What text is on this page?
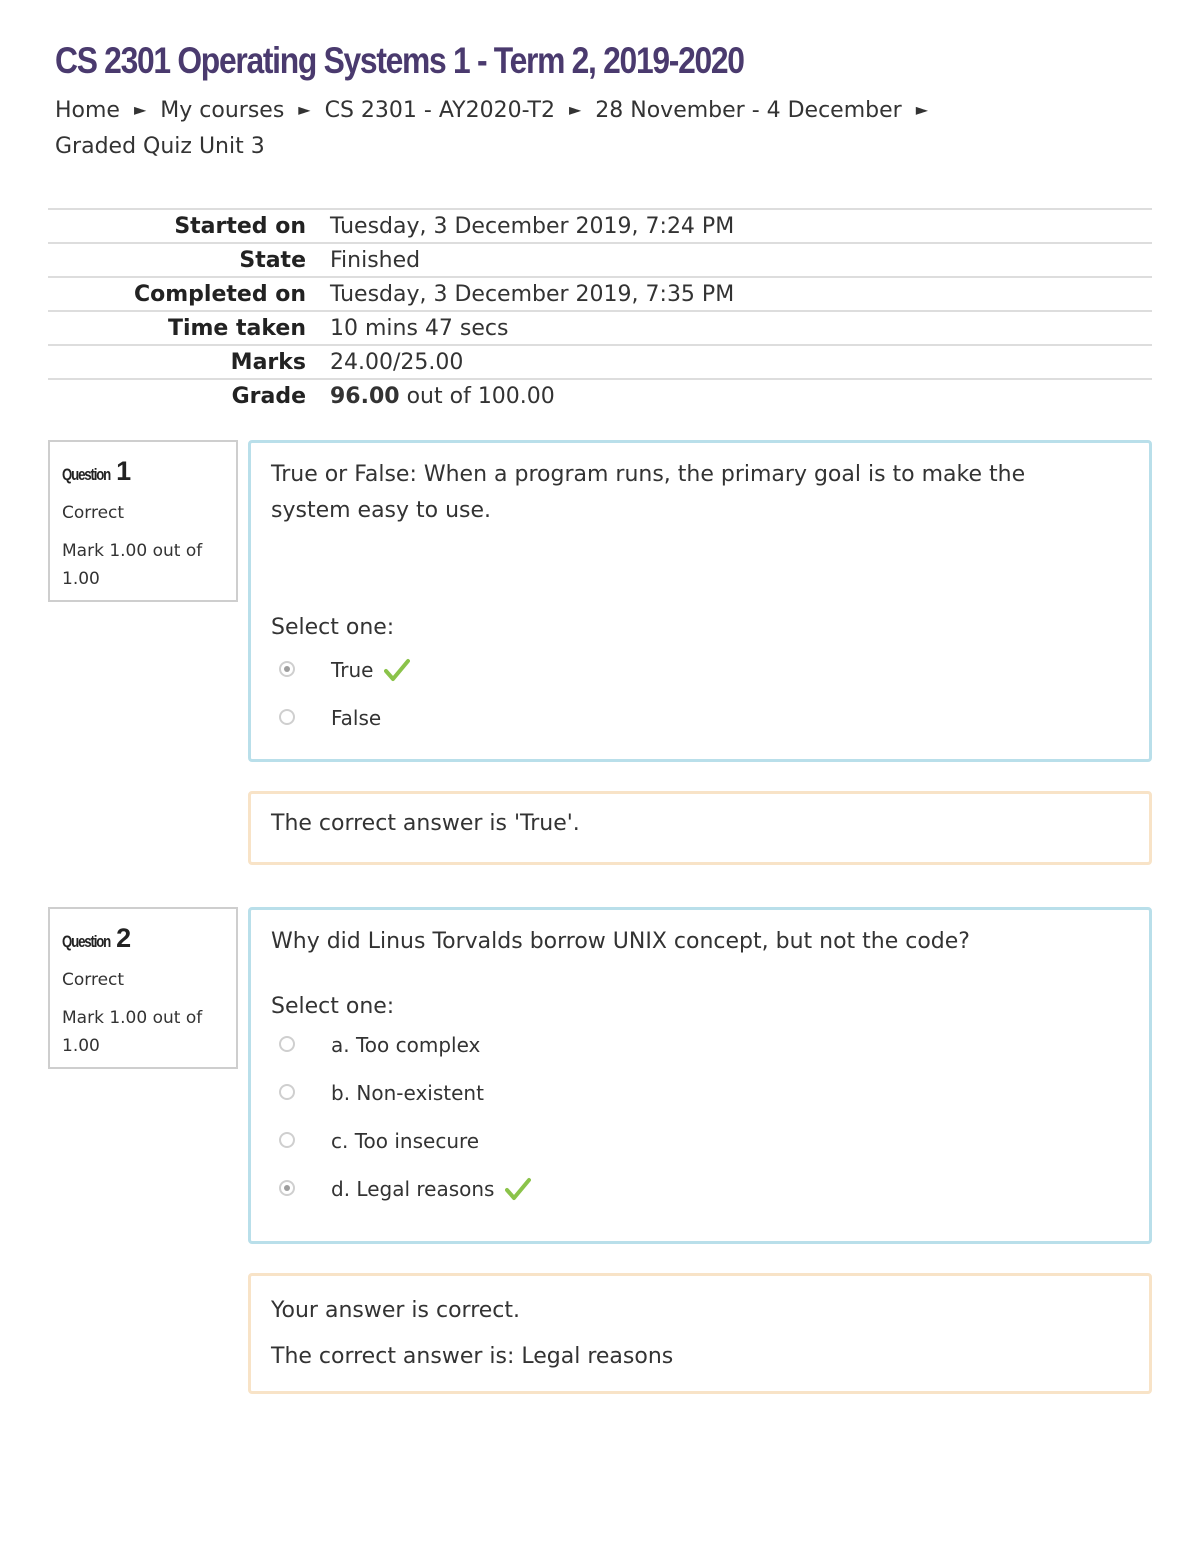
CS 2301 Operating Systems 1 - Term 2, 2019-2020
Home ► My courses ► CS 2301 - AY2020-T2 ► 28 November - 4 December ►
Graded Quiz Unit 3
Started on	Tuesday, 3 December 2019, 7:24 PM
State	Finished
Completed on	Tuesday, 3 December 2019, 7:35 PM
Time taken	10 mins 47 secs
Marks	24.00/25.00
Grade	96.00 out of 100.00
Question 1
Correct
Mark 1.00 out of 1.00
True or False: When a program runs, the primary goal is to make the system easy to use.
Select one:
True
False

The correct answer is 'True'.

Question 2
Correct
Mark 1.00 out of 1.00
Why did Linus Torvalds borrow UNIX concept, but not the code?
Select one:
a. Too complex
b. Non-existent
c. Too insecure
d. Legal reasons

Your answer is correct.

The correct answer is: Legal reasons
